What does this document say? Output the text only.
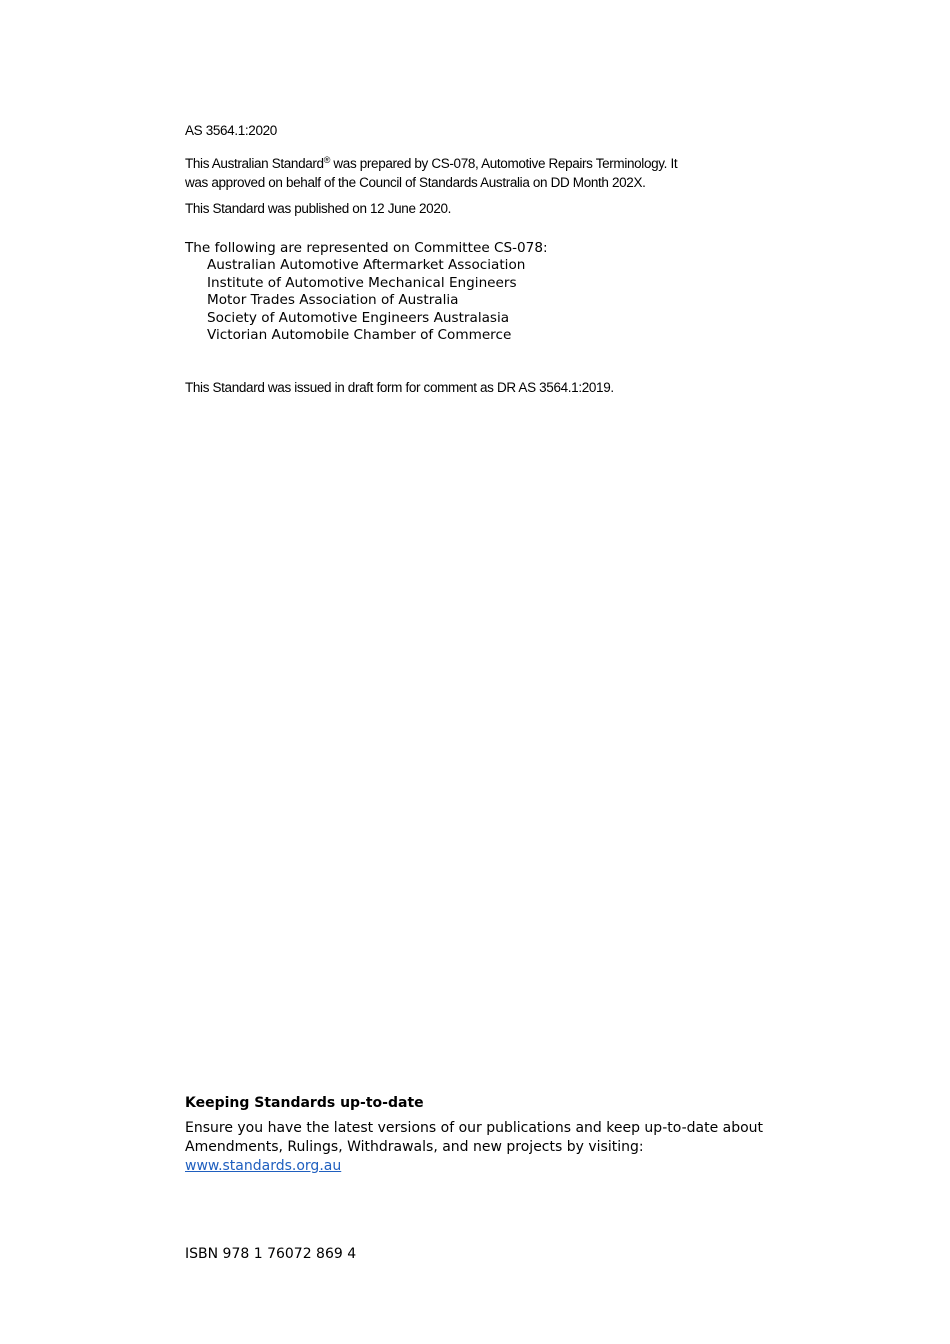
AS 3564.1:2020

This Australian Standard® was prepared by CS-078, Automotive Repairs Terminology. It
was approved on behalf of the Council of Standards Australia on DD Month 202X.

This Standard was published on 12 June 2020.

The following are represented on Committee CS-078:
Australian Automotive Aftermarket Association
Institute of Automotive Mechanical Engineers
Motor Trades Association of Australia
Society of Automotive Engineers Australasia
Victorian Automobile Chamber of Commerce

This Standard was issued in draft form for comment as DR AS 3564.1:2019.

Keeping Standards up-to-date

Ensure you have the latest versions of our publications and keep up-to-date about
Amendments, Rulings, Withdrawals, and new projects by visiting:
www.standards.org.au

ISBN 978 1 76072 869 4
